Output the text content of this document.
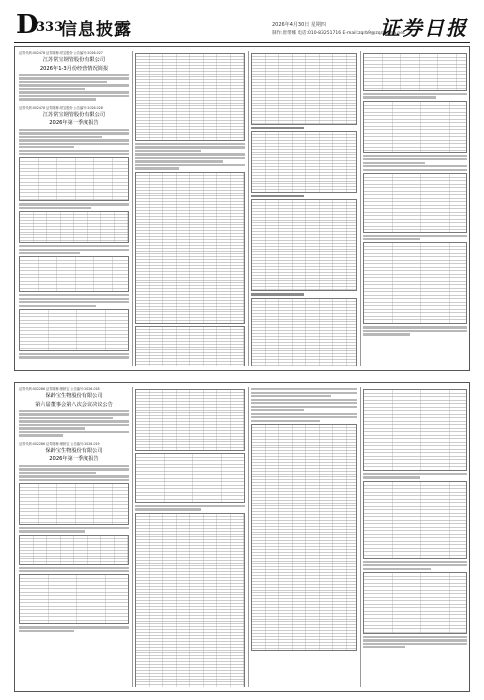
D
333
信息披露	2026年4月30日 星期四
制作:唐带娜 电话:010-83251716 E-mail:zqrb9@zqrb.sina.net
证券日报
证券代码:002478 证券简称:常宝股份 公告编号:2026-027
江苏常宝钢管股份有限公司
2026年1-3月份经营情况简报
证券代码:002478 证券简称:常宝股份 公告编号:2026-028
江苏常宝钢管股份有限公司
2026年第一季度报告
证券代码:002286 证券简称:保龄宝 公告编号:2026-018
保龄宝生物股份有限公司
第六届董事会第八次会议决议公告
证券代码:002286 证券简称:保龄宝 公告编号:2026-019
保龄宝生物股份有限公司
2026年第一季度报告
